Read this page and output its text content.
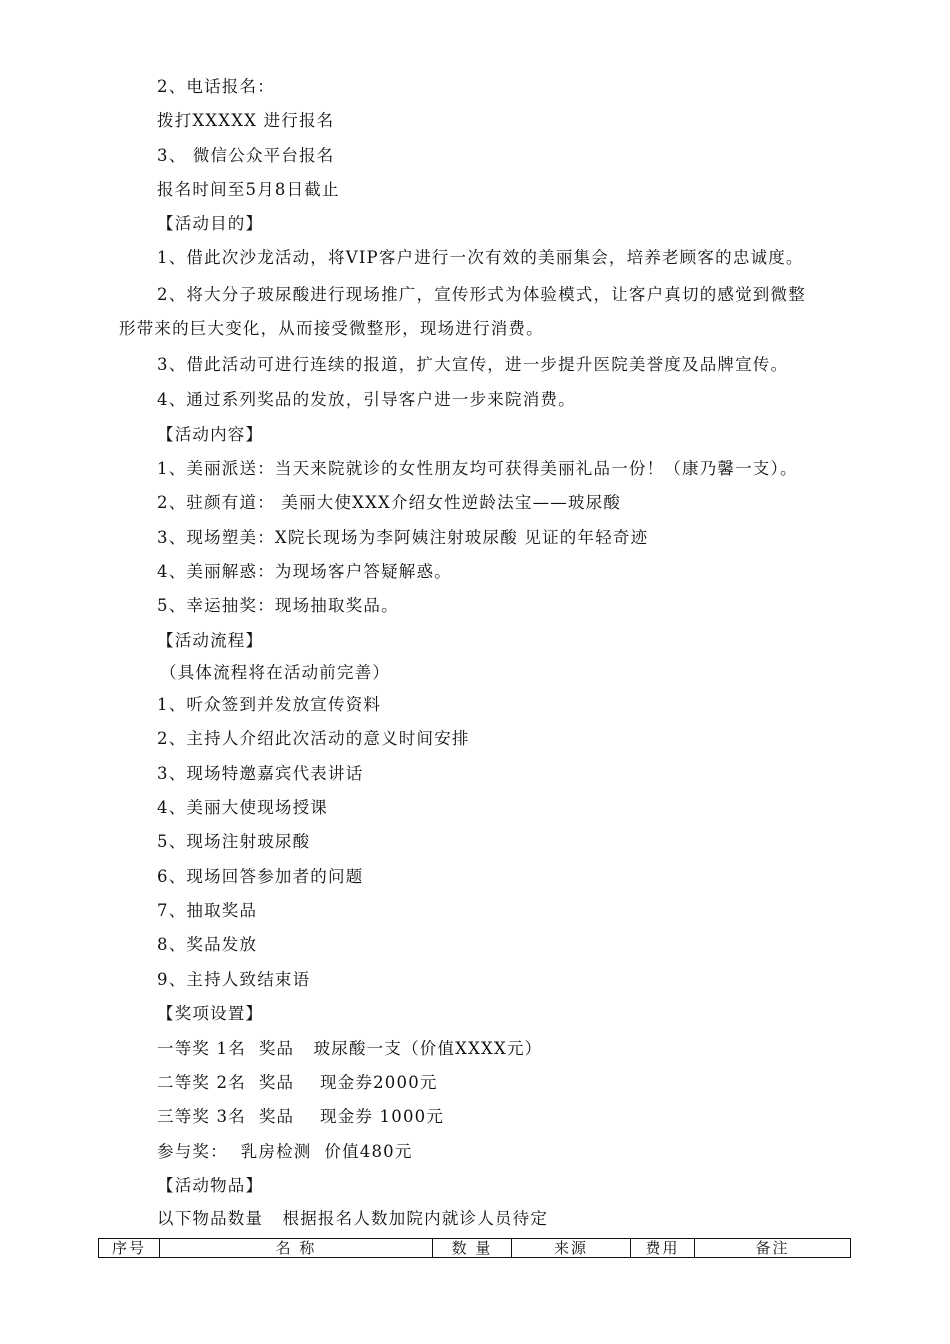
2、电话报名：
拨打XXXXX 进行报名
3、 微信公众平台报名
报名时间至5月8日截止
【活动目的】
1、借此次沙龙活动，将VIP客户进行一次有效的美丽集会，培养老顾客的忠诚度。
2、将大分子玻尿酸进行现场推广，宣传形式为体验模式，让客户真切的感觉到微整
形带来的巨大变化，从而接受微整形，现场进行消费。
3、借此活动可进行连续的报道，扩大宣传，进一步提升医院美誉度及品牌宣传。
4、通过系列奖品的发放，引导客户进一步来院消费。
【活动内容】
1、美丽派送：当天来院就诊的女性朋友均可获得美丽礼品一份！（康乃馨一支）。
2、驻颜有道： 美丽大使XXX介绍女性逆龄法宝——玻尿酸
3、现场塑美：X院长现场为李阿姨注射玻尿酸 见证的年轻奇迹
4、美丽解惑：为现场客户答疑解惑。
5、幸运抽奖：现场抽取奖品。
【活动流程】
（具体流程将在活动前完善）
1、听众签到并发放宣传资料
2、主持人介绍此次活动的意义时间安排
3、现场特邀嘉宾代表讲话
4、美丽大使现场授课
5、现场注射玻尿酸
6、现场回答参加者的问题
7、抽取奖品
8、奖品发放
9、主持人致结束语
【奖项设置】
一等奖 1名  奖品   玻尿酸一支（价值XXXX元）
二等奖 2名  奖品    现金券2000元
三等奖 3名  奖品    现金券 1000元
参与奖：  乳房检测  价值480元
【活动物品】
以下物品数量   根据报名人数加院内就诊人员待定
序号	名 称	数 量	来源	费用	备注
